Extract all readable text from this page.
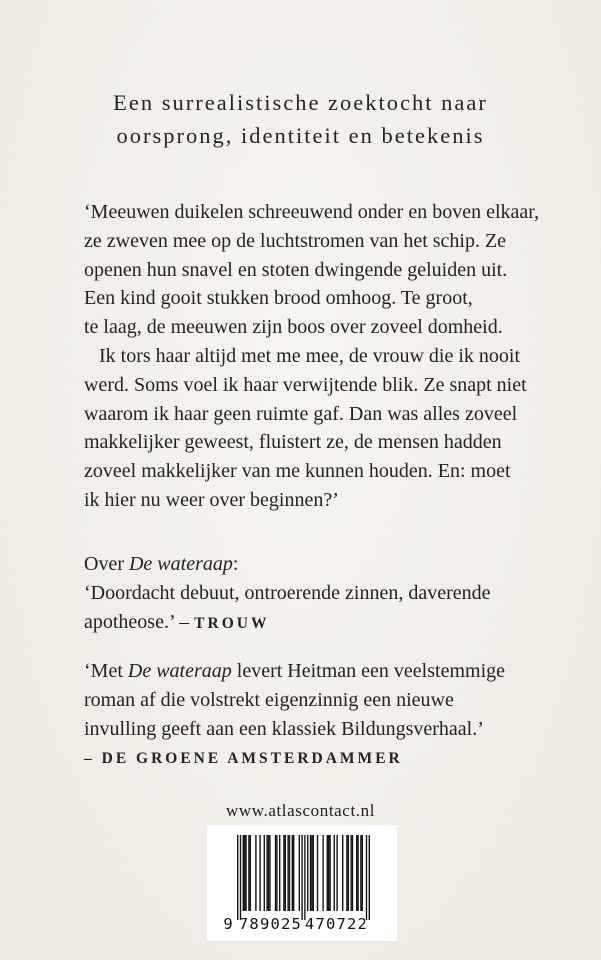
Een surrealistische zoektocht naar
oorsprong, identiteit en betekenis
‘Meeuwen duikelen schreeuwend onder en boven elkaar,
ze zweven mee op de luchtstromen van het schip. Ze
openen hun snavel en stoten dwingende geluiden uit.
Een kind gooit stukken brood omhoog. Te groot,
te laag, de meeuwen zijn boos over zoveel domheid.
Ik tors haar altijd met me mee, de vrouw die ik nooit
werd. Soms voel ik haar verwijtende blik. Ze snapt niet
waarom ik haar geen ruimte gaf. Dan was alles zoveel
makkelijker geweest, fluistert ze, de mensen hadden
zoveel makkelijker van me kunnen houden. En: moet
ik hier nu weer over beginnen?’
Over De wateraap:
‘Doordacht debuut, ontroerende zinnen, daverende
apotheose.’ – TROUW
‘Met De wateraap levert Heitman een veelstemmige
roman af die volstrekt eigenzinnig een nieuwe
invulling geeft aan een klassiek Bildungsverhaal.’
– DE GROENE AMSTERDAMMER
www.atlascontact.nl
9 789025 470722
